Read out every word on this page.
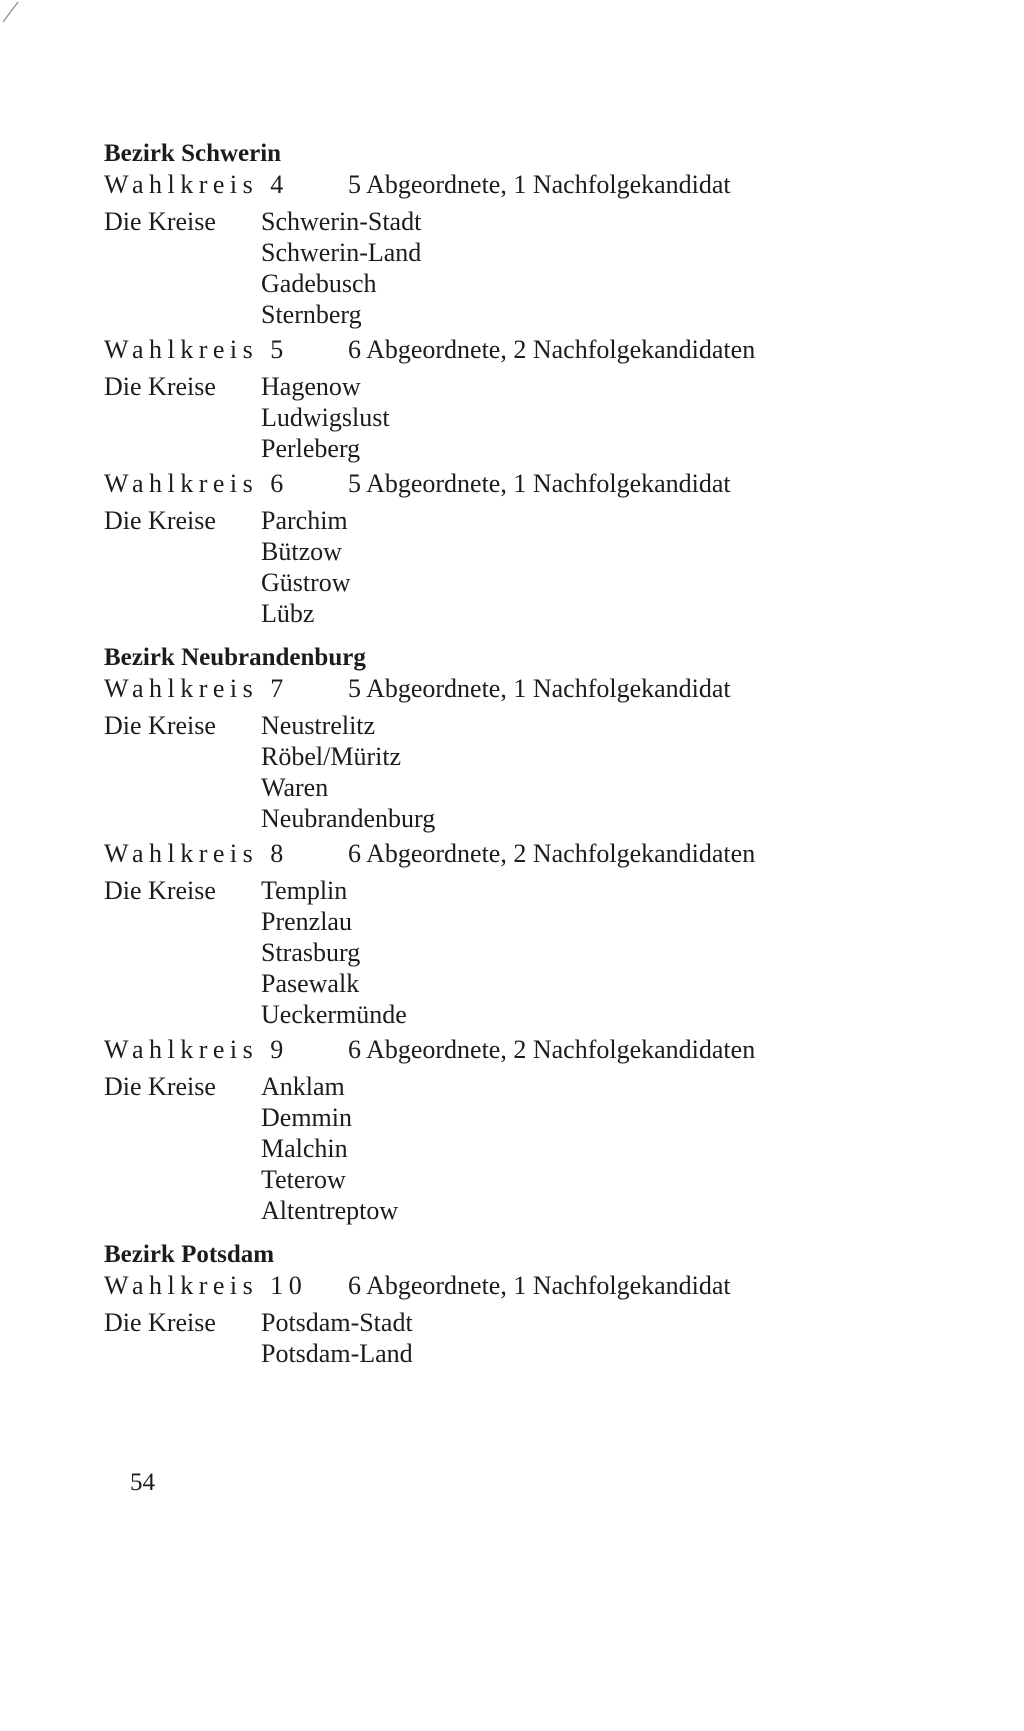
Bezirk Schwerin
Wahlkreis 4 5 Abgeordnete, 1 Nachfolgekandidat
Die Kreise	Schwerin-Stadt
Schwerin-Land
Gadebusch
Sternberg
Wahlkreis 5 6 Abgeordnete, 2 Nachfolgekandidaten
Die Kreise	Hagenow
Ludwigslust
Perleberg
Wahlkreis 6 5 Abgeordnete, 1 Nachfolgekandidat
Die Kreise	Parchim
Bützow
Güstrow
Lübz
Bezirk Neubrandenburg
Wahlkreis 7 5 Abgeordnete, 1 Nachfolgekandidat
Die Kreise	Neustrelitz
Röbel/Müritz
Waren
Neubrandenburg
Wahlkreis 8 6 Abgeordnete, 2 Nachfolgekandidaten
Die Kreise	Templin
Prenzlau
Strasburg
Pasewalk
Ueckermünde
Wahlkreis 9 6 Abgeordnete, 2 Nachfolgekandidaten
Die Kreise	Anklam
Demmin
Malchin
Teterow
Altentreptow
Bezirk Potsdam
Wahlkreis 10 6 Abgeordnete, 1 Nachfolgekandidat
Die Kreise	Potsdam-Stadt
Potsdam-Land
54
